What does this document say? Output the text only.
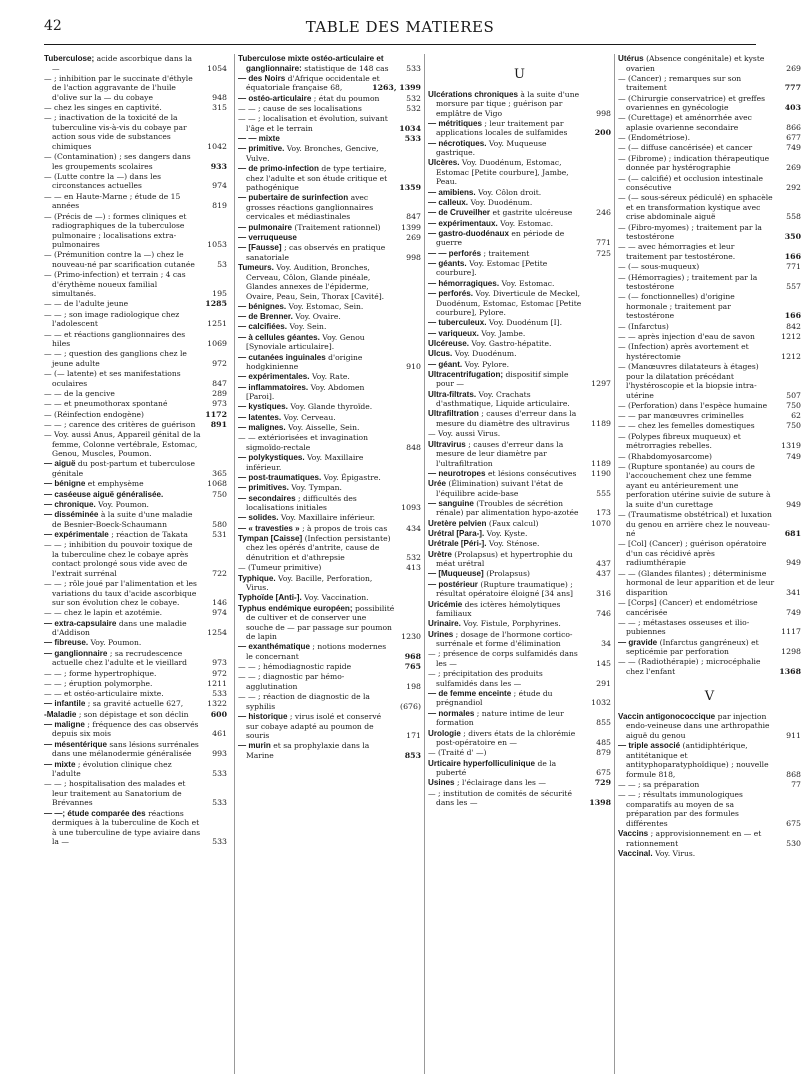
42	TABLE DES MATIERES
Tuberculose; acide ascorbique dans la —	1054
— ; inhibition par le succinate d'éthyle de l'action aggravante de l'huile d'olive sur la — du cobaye	948
— chez les singes en captivité.	315
— ; inactivation de la toxicité de la tuberculine vis-à-vis du cobaye par action sous vide de substances chimiques	1042
— (Contamination) ; ses dangers dans les groupements scolaires	933
— (Lutte contre la —) dans les circonstances actuelles	974
— — en Haute-Marne ; étude de 15 années	819
— (Précis de —) : formes cliniques et radiographiques de la tuberculose pulmonaire ; localisations extra-pulmonaires	1053
— (Prémunition contre la —) chez le nouveau-né par scarification cutanée	53
— (Primo-infection) et terrain ; 4 cas d'érythème noueux familial simultanés.	195
— — de l'adulte jeune	1285
— — ; son image radiologique chez l'adolescent	1251
— — et réactions ganglionnaires des hiles	1069
— — ; question des ganglions chez le jeune adulte	972
— (— latente) et ses manifestations oculaires	847
— — de la gencive	289
— — et pneumothorax spontané	973
— (Réinfection endogène)	1172
— — ; carence des critères de guérison 891
— Voy. aussi Anus, Appareil génital de la femme, Colonne vertébrale, Estomac, Genou, Muscles, Poumon.
— aiguë du post-partum et tuberculose génitale	365
— bénigne et emphysème	1068
— caséeuse aiguë généralisée.	750
— chronique. Voy. Poumon.
— disséminée à la suite d'une maladie de Besnier-Boeck-Schaumann	580
— expérimentale ; réaction de Takata	531
— — ; inhibition du pouvoir toxique de la tuberculine chez le cobaye après contact prolongé sous vide avec de l'extrait surrénal	722
— — ; rôle joué par l'alimentation et les variations du taux d'acide ascorbique sur son évolution chez le cobaye.	146
— — chez le lapin et azotémie.	974
— extra-capsulaire dans une maladie d'Addison	1254
— fibreuse. Voy. Poumon.
— ganglionnaire ; sa recrudescence actuelle chez l'adulte et le vieillard	973
— — ; forme hypertrophique.	972
— — ; éruption polymorphe.	1211
— — et ostéo-articulaire mixte.	533
— infantile ; sa gravité actuelle 627,	1322
-Maladie ; son dépistage et son déclin	600
— maligne ; fréquence des cas observés depuis six mois	461
— mésentérique sans lésions surrénales dans une mélanodermie généralisée	993
— mixte ; évolution clinique chez l'adulte	533
— — ; hospitalisation des malades et leur traitement au Sanatorium de Brévannes	533
— —; étude comparée des réactions dermiques à la tuberculine de Koch et à une tuberculine de type aviaire dans la —	533
Tuberculose mixte ostéo-articulaire et ganglionnaire: statistique de 148 cas 533
— des Noirs d'Afrique occidentale et équatoriale française 68,	1263, 1399
— ostéo-articulaire ; état du poumon	532
— — ; cause de ses localisations	532
— — ; localisation et évolution, suivant l'âge et le terrain	1034
— — mixte	533
— primitive. Voy. Bronches, Gencive, Vulve.
— de primo-infection de type tertiaire, chez l'adulte et son étude critique et pathogénique	1359
— pubertaire de surinfection avec grosses réactions ganglionnaires cervicales et médiastinales	847
— pulmonaire (Traitement rationnel)	1399
— verruqueuse	269
— [Fausse] ; cas observés en pratique sanatoriale	998
Tumeurs. Voy. Audition, Bronches, Cerveau, Côlon, Glande pinéale, Glandes annexes de l'épiderme, Ovaire, Peau, Sein, Thorax [Cavité].
— bénignes. Voy. Estomac, Sein.
— de Brenner. Voy. Ovaire.
— calcifiées. Voy. Sein.
— à cellules géantes. Voy. Genou [Synoviale articulaire].
— cutanées inguinales d'origine hodgkinienne	910
— expérimentales. Voy. Rate.
— inflammatoires. Voy. Abdomen [Paroi].
— kystiques. Voy. Glande thyroïde.
— latentes. Voy. Cerveau.
— malignes. Voy. Aisselle, Sein.
— — extériorisées et invagination sigmoïdo-rectale	848
— polykystiques. Voy. Maxillaire inférieur.
— post-traumatiques. Voy. Épigastre.
— primitives. Voy. Tympan.
— secondaires ; difficultés des localisations initiales	1093
— solides. Voy. Maxillaire inférieur.
— « travesties » ; à propos de trois cas 434
Tympan [Caisse] (Infection persistante) chez les opérés d'antrite, cause de dénutrition et d'athrepsie	532
— (Tumeur primitive)	413
Typhique. Voy. Bacille, Perforation, Virus.
Typhoïde [Anti-]. Voy. Vaccination.
Typhus endémique européen; possibilité de cultiver et de conserver une souche de — par passage sur poumon de lapin	1230
— exanthématique ; notions modernes le concernant	968
— — ; hémodiagnostic rapide	765
— — ; diagnostic par hémo-agglutination	198
— — ; réaction de diagnostic de la syphilis	(676)
— historique ; virus isolé et conservé sur cobaye adapté au poumon de souris	171
— murin et sa prophylaxie dans la Marine	853
U
Ulcérations chroniques à la suite d'une morsure par tique ; guérison par emplâtre de Vigo	998
— métritiques ; leur traitement par applications locales de sulfamides	200
— nécrotiques. Voy. Muqueuse gastrique.
Ulcères. Voy. Duodénum, Estomac, Estomac [Petite courbure], Jambe, Peau.
— amibiens. Voy. Côlon droit.
— calleux. Voy. Duodénum.
— de Cruveilher et gastrite ulcéreuse	246
— expérimentaux. Voy. Estomac.
— gastro-duodénaux en période de guerre	771
— — perforés ; traitement	725
— géants. Voy. Estomac [Petite courbure].
— hémorragiques. Voy. Estomac.
— perforés. Voy. Diverticule de Meckel, Duodénum, Estomac, Estomac [Petite courbure], Pylore.
— tuberculeux. Voy. Duodénum [I].
— variqueux. Voy. Jambe.
Ulcéreuse. Voy. Gastro-hépatite.
Ulcus. Voy. Duodénum.
— géant. Voy. Pylore.
Ultracentrifugation; dispositif simple pour —	1297
Ultra-filtrats. Voy. Crachats d'asthmatique, Liquide articulaire.
Ultrafiltration ; causes d'erreur dans la mesure du diamètre des ultravirus	1189
— Voy. aussi Virus.
Ultravirus ; causes d'erreur dans la mesure de leur diamètre par l'ultrafiltration	1189
— neurotropes et lésions consécutives 1190
Urée (Élimination) suivant l'état de l'équilibre acide-base	555
— sanguine (Troubles de sécrétion rénale) par alimentation hypo-azotée 173
Uretère pelvien (Faux calcul)	1070
Urétral [Para-]. Voy. Kyste.
Urétrale [Péri-]. Voy. Sténose.
Urètre (Prolapsus) et hypertrophie du méat urétral	437
— [Muqueuse] (Prolapsus)	437
— postérieur (Rupture traumatique) ; résultat opératoire éloigné [34 ans]	316
Uricémie des ictères hémolytiques familiaux	746
Urinaire. Voy. Fistule, Porphyrines.
Urines ; dosage de l'hormone cortico-surrénale et forme d'élimination	34
— ; présence de corps sulfamidés dans les —	145
— ; précipitation des produits sulfamidés dans les —	291
— de femme enceinte ; étude du prégnandiol	1032
— normales ; nature intime de leur formation	855
Urologie ; divers états de la chlorémie post-opératoire en —	485
— (Traité d' —)	879
Urticaire hyperfolliculinique de la puberté	675
Usines ; l'éclairage dans les —	729
— ; institution de comités de sécurité dans les —	1398
Utérus (Absence congénitale) et kyste ovarien	269
— (Cancer) ; remarques sur son traitement	777
— (Chirurgie conservatrice) et greffes ovariennes en gynécologie	403
— (Curettage) et aménorrhée avec aplasie ovarienne secondaire	866
— (Endométriose).	677
— (— diffuse cancérisée) et cancer	749
— (Fibrome) ; indication thérapeutique donnée par hystérographie	269
— (— calcifié) et occlusion intestinale consécutive	292
— (— sous-séreux pédiculé) en sphacèle et en transformation kystique avec crise abdominale aiguë	558
— (Fibro-myomes) ; traitement par la testostérone	350
— — avec hémorragies et leur traitement par testostérone.	166
— (— sous-muqueux)	771
— (Hémorragies) ; traitement par la testostérone	557
— (— fonctionnelles) d'origine hormonale ; traitement par testostérone	166
— (Infarctus)	842
— — après injection d'eau de savon	1212
— (Infection) après avortement et hystérectomie	1212
— (Manœuvres dilatateurs à étages) pour la dilatation précédant l'hystéroscopie et la biopsie intra-utérine	507
— (Perforation) dans l'espèce humaine 750
— — par manœuvres criminelles	62
— — chez les femelles domestiques	750
— (Polypes fibreux muqueux) et métrorragies rebelles.	1319
— (Rhabdomyosarcome)	749
— (Rupture spontanée) au cours de l'accouchement chez une femme ayant eu antérieurement une perforation utérine suivie de suture à la suite d'un curettage	949
— (Traumatisme obstétrical) et luxation du genou en arrière chez le nouveau-né	681
— [Col] (Cancer) ; guérison opératoire d'un cas récidivé après radiumthérapie	949
— — (Glandes filantes) ; déterminisme hormonal de leur apparition et de leur disparition	341
— [Corps] (Cancer) et endométriose cancérisée	749
— — ; métastases osseuses et ilio-pubiennes	1117
— gravide (Infarctus gangréneux) et septicémie par perforation	1298
— — (Radiothérapie) ; microcéphalie chez l'enfant	1368
V
Vaccin antigonococcique par injection endo-veineuse dans une arthropathie aiguë du genou	911
— triple associé (antidiphtérique, antitétanique et antityphoparatyphoïdique) ; nouvelle formule 818,	868
— — ; sa préparation	77
— — ; résultats immunologiques comparatifs au moyen de sa préparation par des formules différentes	675
Vaccins ; approvisionnement en — et rationnement	530
Vaccinal. Voy. Virus.
